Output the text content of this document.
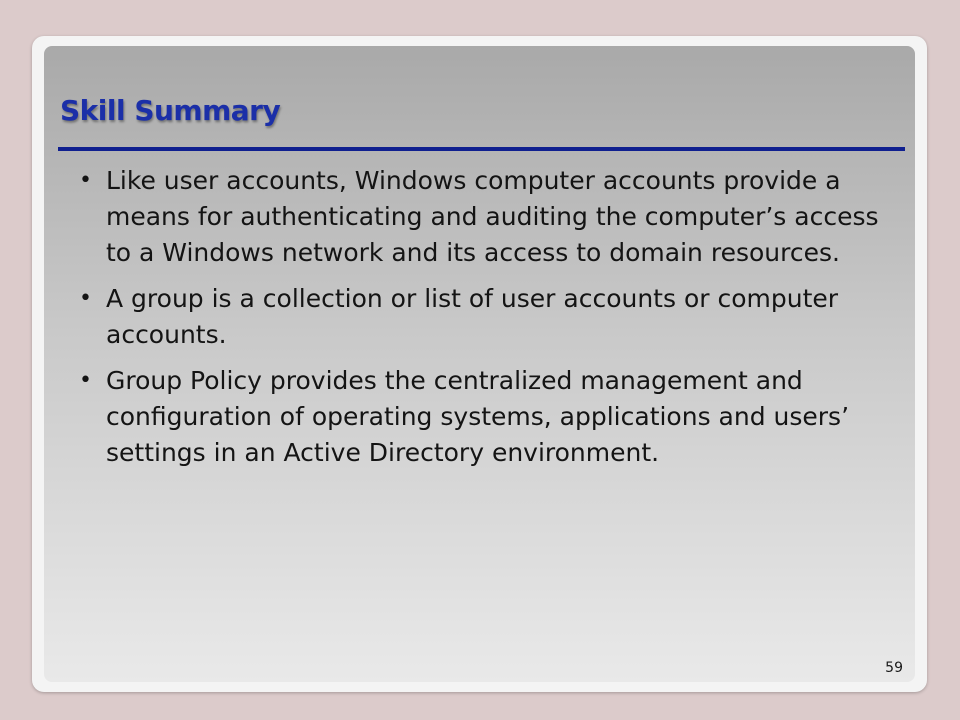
Skill Summary
• Like user accounts, Windows computer accounts provide a means for authenticating and auditing the computer’s access to a Windows network and its access to domain resources.
• A group is a collection or list of user accounts or computer accounts.
• Group Policy provides the centralized management and configuration of operating systems, applications and users’ settings in an Active Directory environment.
59
